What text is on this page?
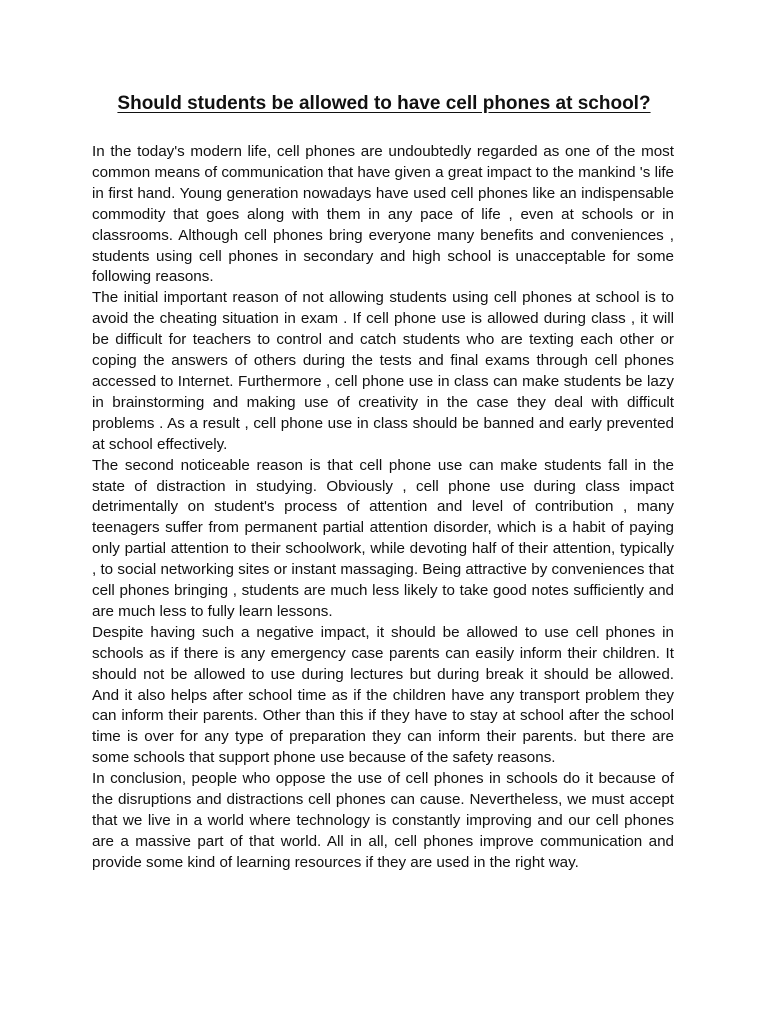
Should students be allowed to have cell phones at school?

In the today's modern life, cell phones are undoubtedly regarded as one of the most common means of communication that have given a great impact to the mankind 's life in first hand. Young generation nowadays have used cell phones like an indispensable commodity that goes along with them in any pace of life , even at schools or in classrooms. Although cell phones bring everyone many benefits and conveniences , students using cell phones in secondary and high school is unacceptable for some following reasons.

The initial important reason of not allowing students using cell phones at school is to avoid the cheating situation in exam . If cell phone use is allowed during class , it will be difficult for teachers to control and catch students who are texting each other or coping the answers of others during the tests and final exams through cell phones accessed to Internet. Furthermore , cell phone use in class can make students be lazy in brainstorming and making use of creativity in the case they deal with difficult problems . As a result , cell phone use in class should be banned and early prevented at school effectively.

The second noticeable reason is that cell phone use can make students fall in the state of distraction in studying. Obviously , cell phone use during class impact detrimentally on student's process of attention and level of contribution , many teenagers suffer from permanent partial attention disorder, which is a habit of paying only partial attention to their schoolwork, while devoting half of their attention, typically , to social networking sites or instant massaging. Being attractive by conveniences that cell phones bringing , students are much less likely to take good notes sufficiently and are much less to fully learn lessons.

Despite having such a negative impact, it should be allowed to use cell phones in schools as if there is any emergency case parents can easily inform their children. It should not be allowed to use during lectures but during break it should be allowed. And it also helps after school time as if the children have any transport problem they can inform their parents. Other than this if they have to stay at school after the school time is over for any type of preparation they can inform their parents. but there are some schools that support phone use because of the safety reasons.

In conclusion, people who oppose the use of cell phones in schools do it because of the disruptions and distractions cell phones can cause. Nevertheless, we must accept that we live in a world where technology is constantly improving and our cell phones are a massive part of that world. All in all, cell phones improve communication and provide some kind of learning resources if they are used in the right way.
